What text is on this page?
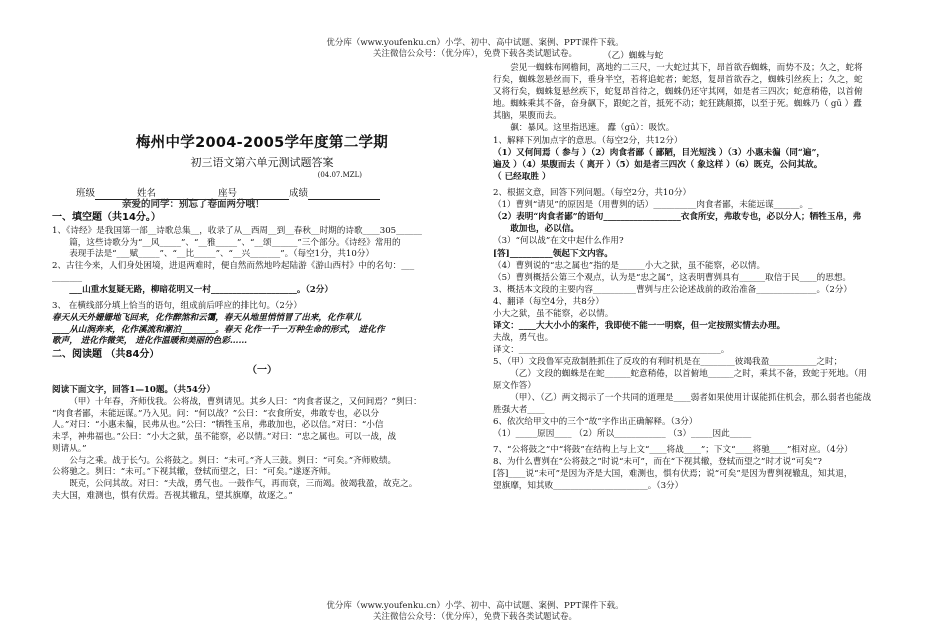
优分库（www.youfenku.cn）小学、初中、高中试题、案例、PPT课件下载。
关注微信公众号：（优分库），免费下载各类试题试卷。
梅州中学2004-2005学年度第二学期
初三语文第六单元测试题答案
(04.07.MZL)
班级	姓名	座号	成绩
亲爱的同学：别忘了卷面两分哦！
一、填空题（共14分。）

1、《诗经》是我国第一部__诗歌总集__，收录了从__西周__到__春秋__时期的诗歌____305______

篇，这些诗歌分为“__风_____”、“__雅_____”、“__颂______”三个部分。《诗经》常用的

表现手法是“___赋_____”、“__比_____”、“__兴_______”。（每空1分，共10分）

2、古往今来，人们身处困境，进退两难时，便自然而然地吟起陆游《游山西村》中的名句：___

_______

___山重水复疑无路，柳暗花明又一村____________________。（2分）

3、 在横线部分填上恰当的语句，组成前后呼应的排比句。（2分）

春天从天外姗姗地飞回来，化作醉煞和云霭，春天从地里悄悄冒了出来，化作草儿

____从山涧奔来，化作溪流和潮泊________。春天 化作一千一万种生命的形式， 进化作

歌声， 进化作微笑， 进化作温暖和美丽的色彩……

二、阅读题 （共84分）
（一）

阅读下面文字，回答1—10题。（共54分）

（甲）十年春，齐师伐我。公将战，曹刿请见。其乡人曰：“肉食者谋之，又何间焉？”刿曰：

“肉食者鄙，未能远谋。”乃入见。问：“何以战？”公曰：“衣食所安，弗敢专也，必以分

人。”对曰：“小惠未徧，民弗从也。”公曰：“牺牲玉帛，弗敢加也，必以信。”对曰：“小信

未孚，神弗福也。”公曰：“小大之狱，虽不能察，必以情。”对曰：“忠之属也。可以一战，战

则请从。”

公与之乘。战于长勺。公将鼓之。刿曰：“未可。”齐人三鼓。刿曰：“可矣。”齐师败绩。

公将驰之。刿曰：“未可。”下视其辙，登轼而望之，曰：“可矣。”遂逐齐师。

既克，公问其故。对曰：“夫战，勇气也。一鼓作气，再而衰，三而竭。彼竭我盈，故克之。

夫大国，难测也，惧有伏焉。吾视其辙乱，望其旗靡，故逐之。”

（乙）蜘蛛与蛇

尝见一蜘蛛布网檐间，离地约二三尺，一大蛇过其下，昂首欲吞蜘蛛，而势不及；久之，蛇将

行矣，蜘蛛忽悬丝而下，垂身半空，若将追蛇者；蛇怒，复昂首欲吞之，蜘蛛引丝疾上；久之，蛇

又将行矣，蜘蛛复悬丝疾下，蛇复昂首待之，蜘蛛仍还守其网，如是者三四次；蛇意稍倦，以首俯

地。蜘蛛乘其不备，奋身飙下，跟蛇之首，抵死不动；蛇狂跳颠掷，以至于死。蜘蛛乃（ gū ）蠹

其脑，果腹而去。

飙：暴风。这里指迅速。 蠹（gū）：吸饮。

1、解释下列加点字的意思。（每空2分，共12分）

（1）又何间焉（ 参与 ）（2）肉食者鄙（ 鄙陋，目光短浅 ）（3）小惠未徧（同“遍”，

遍及 ）（4）果腹而去（ 离开 ）（5）如是者三四次（ 象这样 ）（6）既克，公问其故。

（ 已经取胜 ）

2、根据文意，回答下列问题。（每空2分，共10分）

（1）曹刿“请见”的原因是（用曹刿的话）__________肉食者鄙，未能远谋______。_

（2）表明“肉食者鄙”的语句__________________衣食所安，弗敢专也，必以分人；牺牲玉帛，弗

敢加也，必以信。

（3）“何以战”在文中起什么作用?

[答]__________领起下文内容。

（4）曹刿说的“忠之属也”指的是______小大之狱，虽不能察，必以情。

（5）曹刿概括公第三个观点，认为是“忠之属”，这表明曹刿具有______取信于民____的思想。

3、概括本文段的主要内容__________曹刿与庄公论述战前的政治准备______________。（2分）

4、翻译（每空4分，共8分）

小大之狱，虽不能察，必以情。

译文：____大大小小的案件，我即使不能一一明察，但一定按照实情去办理。

夫战，勇气也。

译文：_______________________________________________。

5、（甲）文段鲁军克敌制胜抓住了反攻的有利时机是在________彼竭我盈___________之时；

（乙）文段的蜘蛛是在蛇______蛇意稍倦，以首俯地______之时，乘其不备，致蛇于死地。（用

原文作答）

（甲）、（乙）两文揭示了一个共同的道理是____弱者如果使用计谋能抓住机会，那么弱者也能战

胜强大者____

6、依次给甲文中的三个“故”字作出正确解释。（3分）

（1）_____原因____ （2）所以____________ （3）_____因此_____

7、“公将鼓之”中“将鼓”在结构上与上文“____将战____”；下文“____将驰____”相对应。（4分）

8、为什么曹刿在“公将鼓之”时说“未可”，而在“下视其辙，登轼而望之”时才说“可矣”?

[答]____说“未可”是因为齐是大国，难测也，惧有伏焉；说“可矣”是因为曹刿视辙乱，知其退，

望旗靡，知其败______________________。（3分）

优分库（www.youfenku.cn）小学、初中、高中试题、案例、PPT课件下载。
关注微信公众号：（优分库），免费下载各类试题试卷。
